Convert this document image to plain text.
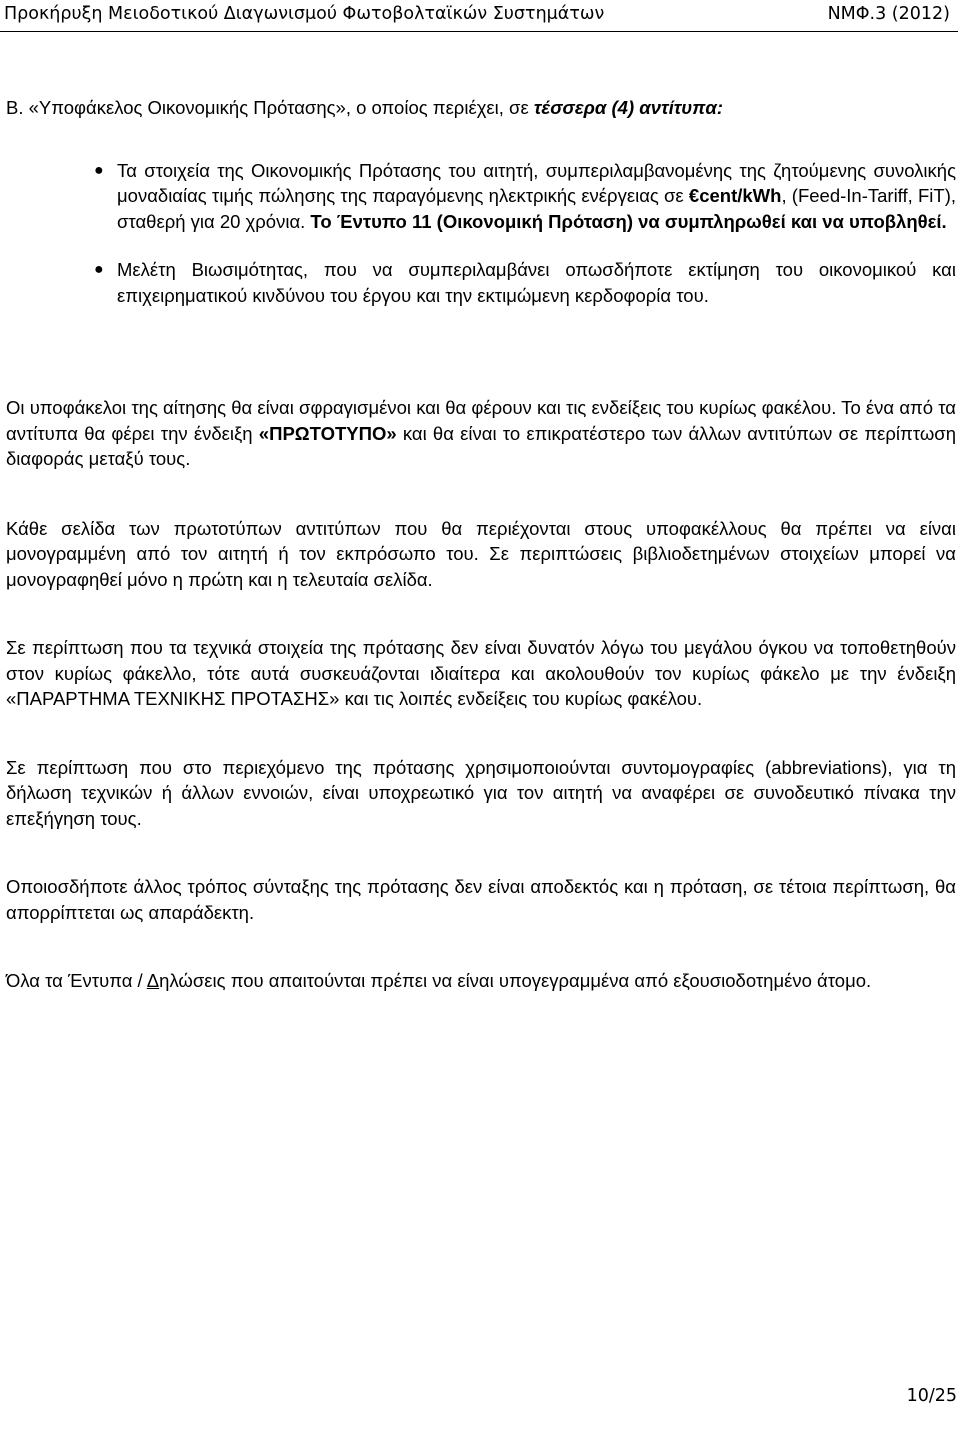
Προκήρυξη Μειοδοτικού Διαγωνισμού Φωτοβολταϊκών Συστημάτων	ΝΜΦ.3 (2012)
Β. «Υποφάκελος Οικονομικής Πρότασης», ο οποίος περιέχει, σε τέσσερα (4) αντίτυπα:
● Τα στοιχεία της Οικονομικής Πρότασης του αιτητή, συμπεριλαμβανομένης της ζητούμενης συνολικής μοναδιαίας τιμής πώλησης της παραγόμενης ηλεκτρικής ενέργειας σε €cent/kWh, (Feed-In-Tariff, FiT), σταθερή για 20 χρόνια. Το Έντυπο 11 (Οικονομική Πρόταση) να συμπληρωθεί και να υποβληθεί.
● Μελέτη Βιωσιμότητας, που να συμπεριλαμβάνει οπωσδήποτε εκτίμηση του οικονομικού και επιχειρηματικού κινδύνου του έργου και την εκτιμώμενη κερδοφορία του.

Οι υποφάκελοι της αίτησης θα είναι σφραγισμένοι και θα φέρουν και τις ενδείξεις του κυρίως φακέλου. Το ένα από τα αντίτυπα θα φέρει την ένδειξη «ΠΡΩΤΟΤΥΠΟ» και θα είναι το επικρατέστερο των άλλων αντιτύπων σε περίπτωση διαφοράς μεταξύ τους.

Κάθε σελίδα των πρωτοτύπων αντιτύπων που θα περιέχονται στους υποφακέλλους θα πρέπει να είναι μονογραμμένη από τον αιτητή ή τον εκπρόσωπο του. Σε περιπτώσεις βιβλιοδετημένων στοιχείων μπορεί να μονογραφηθεί μόνο η πρώτη και η τελευταία σελίδα.

Σε περίπτωση που τα τεχνικά στοιχεία της πρότασης δεν είναι δυνατόν λόγω του μεγάλου όγκου να τοποθετηθούν στον κυρίως φάκελλο, τότε αυτά συσκευάζονται ιδιαίτερα και ακολουθούν τον κυρίως φάκελο με την ένδειξη «ΠΑΡΑΡΤΗΜΑ ΤΕΧΝΙΚΗΣ ΠΡΟΤΑΣΗΣ» και τις λοιπές ενδείξεις του κυρίως φακέλου.

Σε περίπτωση που στο περιεχόμενο της πρότασης χρησιμοποιούνται συντομογραφίες (abbreviations), για τη δήλωση τεχνικών ή άλλων εννοιών, είναι υποχρεωτικό για τον αιτητή να αναφέρει σε συνοδευτικό πίνακα την επεξήγηση τους.

Οποιοσδήποτε άλλος τρόπος σύνταξης της πρότασης δεν είναι αποδεκτός και η πρόταση, σε τέτοια περίπτωση, θα απορρίπτεται ως απαράδεκτη.

Όλα τα Έντυπα / Δηλώσεις που απαιτούνται πρέπει να είναι υπογεγραμμένα από εξουσιοδοτημένο άτομο.

10/25
